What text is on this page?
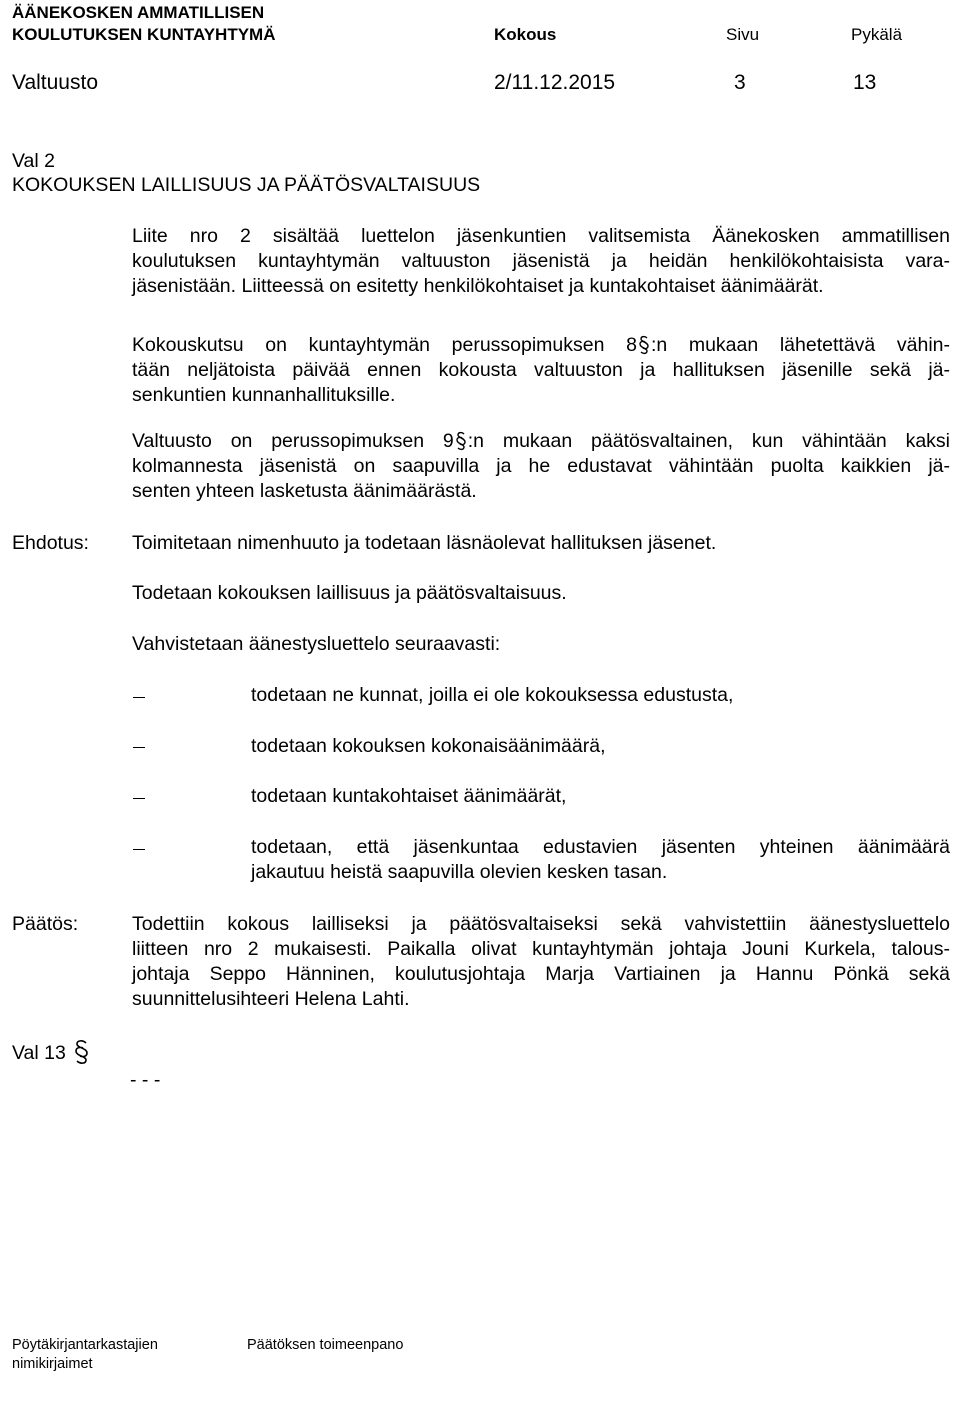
ÄÄNEKOSKEN AMMATILLISEN
KOULUTUKSEN KUNTAYHTYMÄ	Kokous	Sivu	Pykälä
Valtuusto	2/11.12.2015	3	13
Val 2
KOKOUKSEN LAILLISUUS JA PÄÄTÖSVALTAISUUS
Liite nro 2 sisältää luettelon jäsenkuntien valitsemista Äänekosken ammatillisen
koulutuksen kuntayhtymän valtuuston jäsenistä ja heidän henkilökohtaisista vara-
jäsenistään. Liitteessä on esitetty henkilökohtaiset ja kuntakohtaiset äänimäärät.
Kokouskutsu on kuntayhtymän perussopimuksen 8 :n mukaan lähetettävä vähin-
tään neljätoista päivää ennen kokousta valtuuston ja hallituksen jäsenille sekä jä-
senkuntien kunnanhallituksille.
Valtuusto on perussopimuksen 9 :n mukaan päätösvaltainen, kun vähintään kaksi
kolmannesta jäsenistä on saapuvilla ja he edustavat vähintään puolta kaikkien jä-
senten yhteen lasketusta äänimäärästä.
Ehdotus: Toimitetaan nimenhuuto ja todetaan läsnäolevat hallituksen jäsenet.
Todetaan kokouksen laillisuus ja päätösvaltaisuus.
Vahvistetaan äänestysluettelo seuraavasti:
todetaan ne kunnat, joilla ei ole kokouksessa edustusta,
todetaan kokouksen kokonaisäänimäärä,
todetaan kuntakohtaiset äänimäärät,
todetaan, että jäsenkuntaa edustavien jäsenten yhteinen äänimäärä
jakautuu heistä saapuvilla olevien kesken tasan.
Päätös:	Todettiin kokous lailliseksi ja päätösvaltaiseksi sekä vahvistettiin äänestysluettelo
liitteen nro 2 mukaisesti. Paikalla olivat kuntayhtymän johtaja Jouni Kurkela, talous-
johtaja Seppo Hänninen, koulutusjohtaja Marja Vartiainen ja Hannu Pönkä sekä
suunnittelusihteeri Helena Lahti.
Val 13
- - -
Pöytäkirjantarkastajien
nimikirjaimet
Päätöksen toimeenpano
